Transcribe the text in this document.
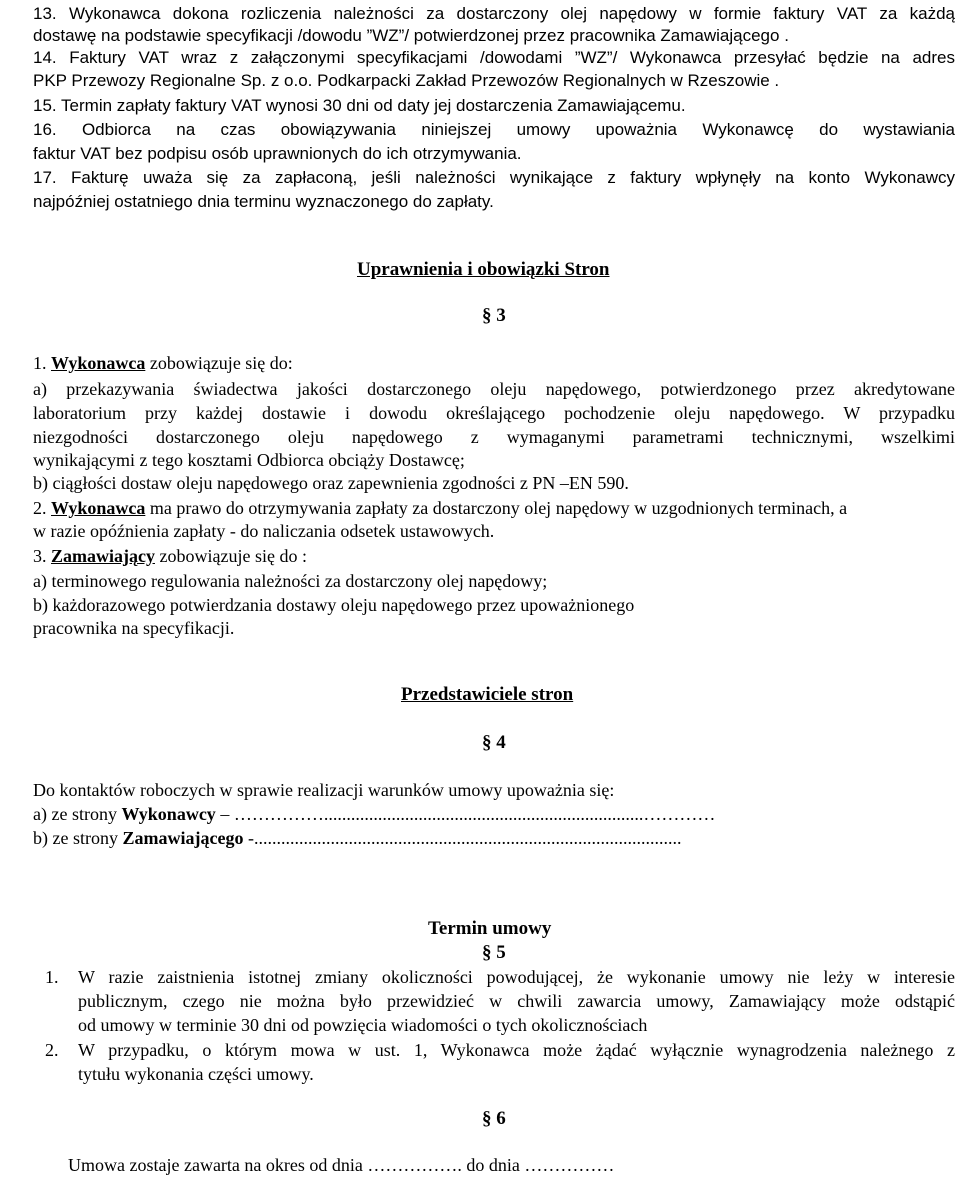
13. Wykonawca dokona rozliczenia należności za dostarczony olej napędowy w formie faktury VAT za każdą
dostawę na podstawie specyfikacji /dowodu ”WZ”/ potwierdzonej przez pracownika Zamawiającego .
14. Faktury VAT wraz z załączonymi specyfikacjami /dowodami ”WZ”/ Wykonawca przesyłać będzie na adres
PKP Przewozy Regionalne Sp. z o.o. Podkarpacki Zakład Przewozów Regionalnych w Rzeszowie .
15. Termin zapłaty faktury VAT wynosi 30 dni od daty jej dostarczenia Zamawiającemu.
16. Odbiorca na czas obowiązywania niniejszej umowy upoważnia Wykonawcę do wystawiania
faktur VAT bez podpisu osób uprawnionych do ich otrzymywania.
17. Fakturę uważa się za zapłaconą, jeśli należności wynikające z faktury wpłynęły na konto Wykonawcy
najpóźniej ostatniego dnia terminu wyznaczonego do zapłaty.
Uprawnienia i obowiązki Stron
§ 3
1. Wykonawca zobowiązuje się do:
a) przekazywania świadectwa jakości dostarczonego oleju napędowego, potwierdzonego przez akredytowane
laboratorium przy każdej dostawie i dowodu określającego pochodzenie oleju napędowego. W przypadku
niezgodności dostarczonego oleju napędowego z wymaganymi parametrami technicznymi, wszelkimi
wynikającymi z tego kosztami Odbiorca obciąży Dostawcę;
b) ciągłości dostaw oleju napędowego oraz zapewnienia zgodności z PN –EN 590.
2. Wykonawca ma prawo do otrzymywania zapłaty za dostarczony olej napędowy w uzgodnionych terminach, a
w razie opóźnienia zapłaty - do naliczania odsetek ustawowych.
3. Zamawiający zobowiązuje się do :
a) terminowego regulowania należności za dostarczony olej napędowy;
b) każdorazowego potwierdzania dostawy oleju napędowego przez upoważnionego
pracownika na specyfikacji.
Przedstawiciele stron
§ 4
Do kontaktów roboczych w sprawie realizacji warunków umowy upoważnia się:
a) ze strony Wykonawcy – …………….......................................................................…………
b) ze strony Zamawiającego -...............................................................................................
Termin umowy
§ 5
1. W razie zaistnienia istotnej zmiany okoliczności powodującej, że wykonanie umowy nie leży w interesie
publicznym, czego nie można było przewidzieć w chwili zawarcia umowy, Zamawiający może odstąpić
od umowy w terminie 30 dni od powzięcia wiadomości o tych okolicznościach
2. W przypadku, o którym mowa w ust. 1, Wykonawca może żądać wyłącznie wynagrodzenia należnego z
tytułu wykonania części umowy.
§ 6
Umowa zostaje zawarta na okres od dnia ……………. do dnia ……………
